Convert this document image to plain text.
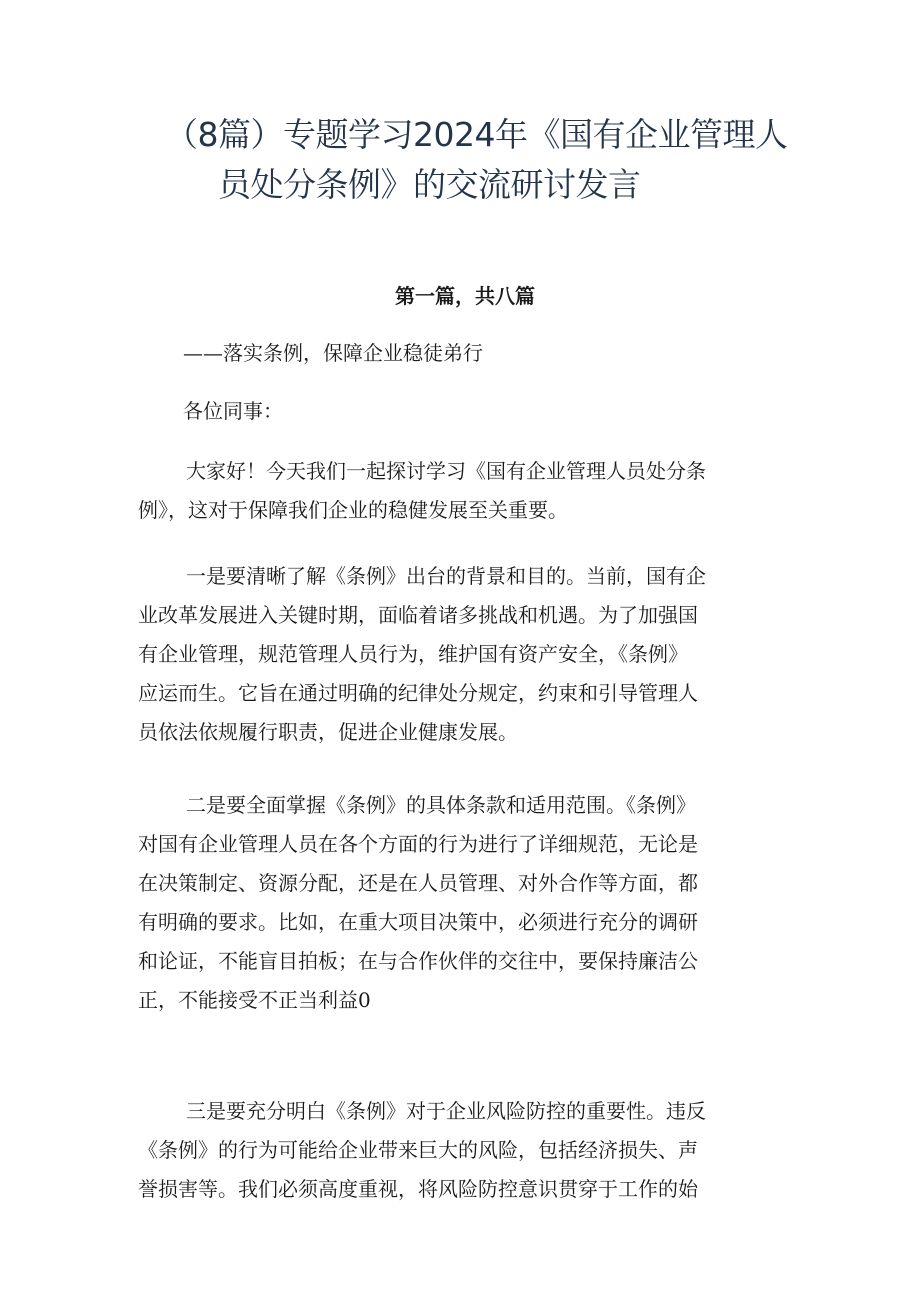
（8篇）专题学习2024年《国有企业管理人
员处分条例》的交流研讨发言
第一篇，共八篇
——落实条例，保障企业稳徒弟行
各位同事：

大家好！今天我们一起探讨学习《国有企业管理人员处分条
例》，这对于保障我们企业的稳健发展至关重要。

一是要清晰了解《条例》出台的背景和目的。当前，国有企
业改革发展进入关键时期，面临着诸多挑战和机遇。为了加强国
有企业管理，规范管理人员行为，维护国有资产安全，《条例》
应运而生。它旨在通过明确的纪律处分规定，约束和引导管理人
员依法依规履行职责，促进企业健康发展。

二是要全面掌握《条例》的具体条款和适用范围。《条例》
对国有企业管理人员在各个方面的行为进行了详细规范，无论是
在决策制定、资源分配，还是在人员管理、对外合作等方面，都
有明确的要求。比如，在重大项目决策中，必须进行充分的调研
和论证，不能盲目拍板；在与合作伙伴的交往中，要保持廉洁公
正，不能接受不正当利益0

三是要充分明白《条例》对于企业风险防控的重要性。违反
《条例》的行为可能给企业带来巨大的风险，包括经济损失、声
誉损害等。我们必须高度重视，将风险防控意识贯穿于工作的始
